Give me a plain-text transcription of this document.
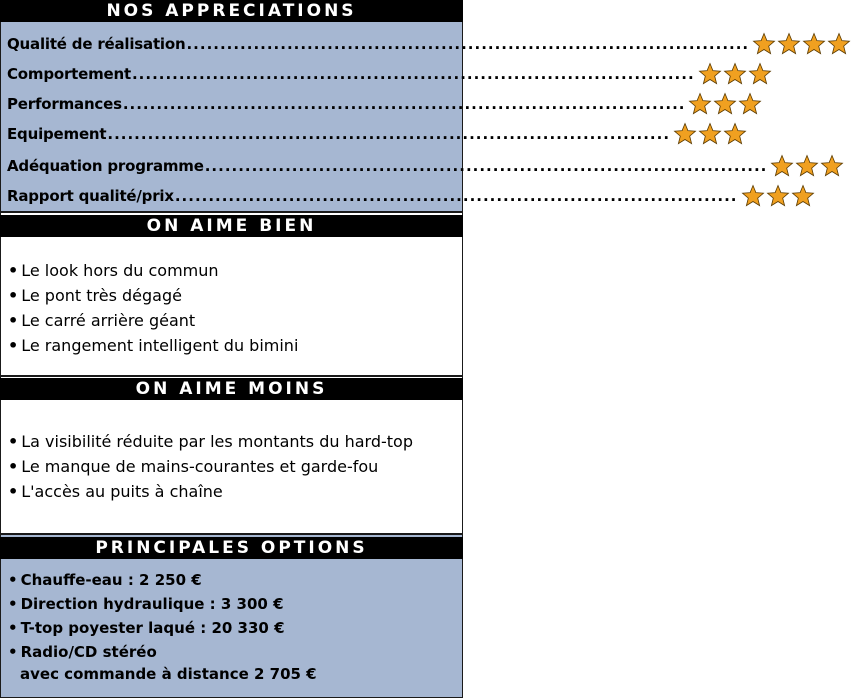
NOS APPRECIATIONS
Qualité de réalisation ....................................................................................
Comportement ....................................................................................
Performances ....................................................................................
Equipement ....................................................................................
Adéquation programme ....................................................................................
Rapport qualité/prix ....................................................................................
ON AIME BIEN
• Le look hors du commun
• Le pont très dégagé
• Le carré arrière géant
• Le rangement intelligent du bimini
ON AIME MOINS
• La visibilité réduite par les montants du hard-top
• Le manque de mains-courantes et garde-fou
• L'accès au puits à chaîne
PRINCIPALES OPTIONS
• Chauffe-eau : 2 250 €
• Direction hydraulique : 3 300 €
• T-top poyester laqué : 20 330 €
• Radio/CD stéréo
avec commande à distance 2 705 €
